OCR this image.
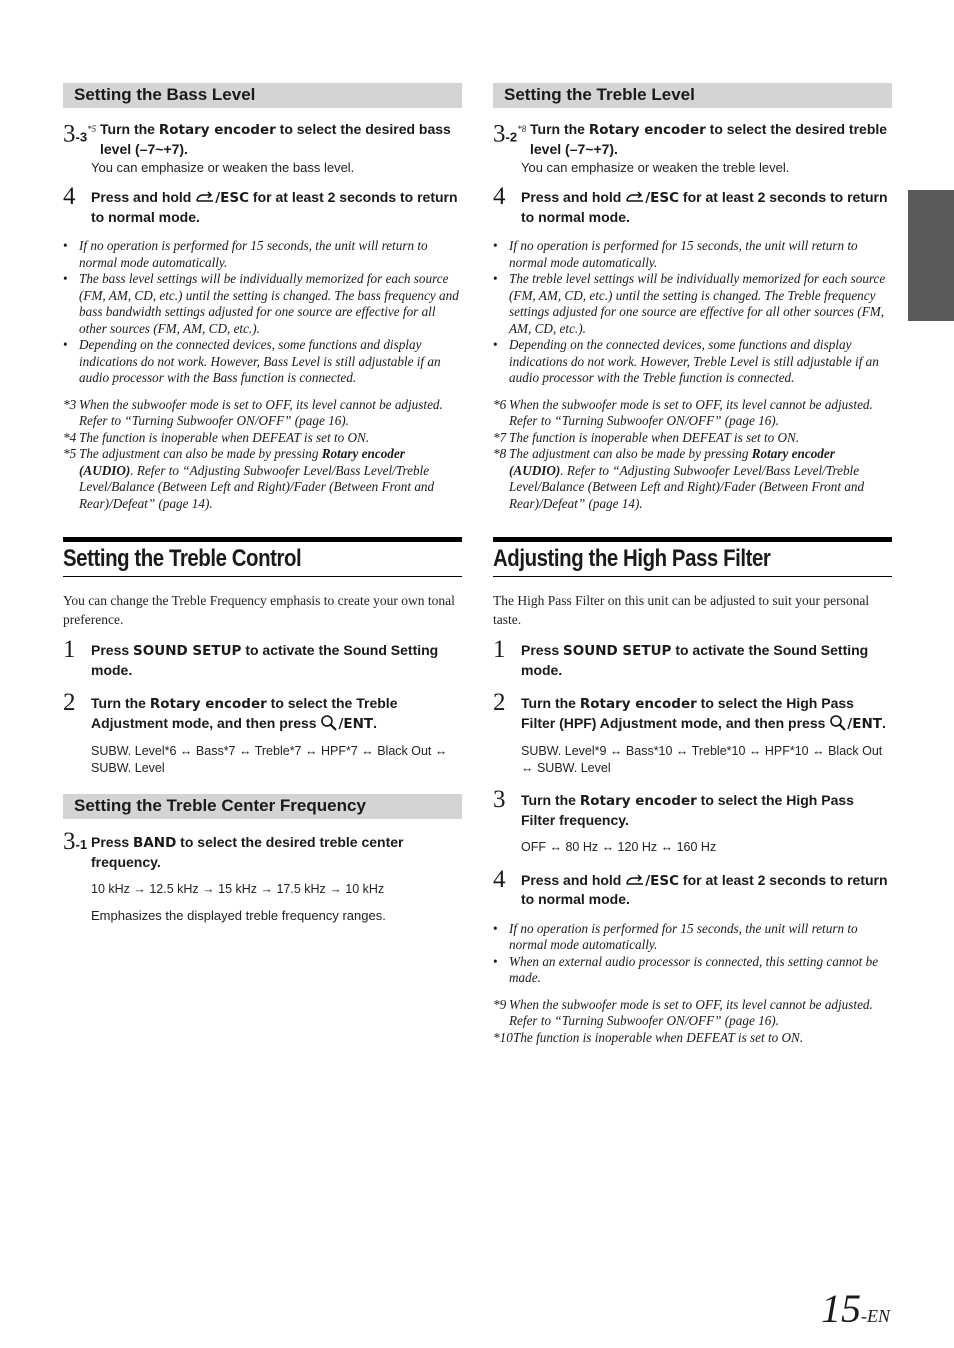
Setting the Bass Level
3-3$^{*5}$ Turn the Rotary encoder to select the desired bass level (–7~+7).
You can emphasize or weaken the bass level.
4 Press and hold /ESC for at least 2 seconds to return to normal mode.
• If no operation is performed for 15 seconds, the unit will return to normal mode automatically.
• The bass level settings will be individually memorized for each source (FM, AM, CD, etc.) until the setting is changed. The bass frequency and bass bandwidth settings adjusted for one source are effective for all other sources (FM, AM, CD, etc.).
• Depending on the connected devices, some functions and display indications do not work. However, Bass Level is still adjustable if an audio processor with the Bass function is connected.
*3 When the subwoofer mode is set to OFF, its level cannot be adjusted. Refer to “Turning Subwoofer ON/OFF” (page 16).
*4 The function is inoperable when DEFEAT is set to ON.
*5 The adjustment can also be made by pressing Rotary encoder (AUDIO). Refer to “Adjusting Subwoofer Level/Bass Level/Treble Level/Balance (Between Left and Right)/Fader (Between Front and Rear)/Defeat” (page 14).
Setting the Treble Control
You can change the Treble Frequency emphasis to create your own tonal preference.
1 Press SOUND SETUP to activate the Sound Setting mode.
2 Turn the Rotary encoder to select the Treble Adjustment mode, and then press /ENT.
SUBW. Level*6 ↔ Bass*7 ↔ Treble*7 ↔ HPF*7 ↔ Black Out ↔ SUBW. Level
Setting the Treble Center Frequency
3-1 Press BAND to select the desired treble center frequency.
10 kHz → 12.5 kHz → 15 kHz → 17.5 kHz → 10 kHz
Emphasizes the displayed treble frequency ranges.
Setting the Treble Level
3-2$^{*8}$ Turn the Rotary encoder to select the desired treble level (–7~+7).
You can emphasize or weaken the treble level.
4 Press and hold /ESC for at least 2 seconds to return to normal mode.
• If no operation is performed for 15 seconds, the unit will return to normal mode automatically.
• The treble level settings will be individually memorized for each source (FM, AM, CD, etc.) until the setting is changed. The Treble frequency settings adjusted for one source are effective for all other sources (FM, AM, CD, etc.).
• Depending on the connected devices, some functions and display indications do not work. However, Treble Level is still adjustable if an audio processor with the Treble function is connected.
*6 When the subwoofer mode is set to OFF, its level cannot be adjusted. Refer to “Turning Subwoofer ON/OFF” (page 16).
*7 The function is inoperable when DEFEAT is set to ON.
*8 The adjustment can also be made by pressing Rotary encoder (AUDIO). Refer to “Adjusting Subwoofer Level/Bass Level/Treble Level/Balance (Between Left and Right)/Fader (Between Front and Rear)/Defeat” (page 14).
Adjusting the High Pass Filter
The High Pass Filter on this unit can be adjusted to suit your personal taste.
1 Press SOUND SETUP to activate the Sound Setting mode.
2 Turn the Rotary encoder to select the High Pass Filter (HPF) Adjustment mode, and then press /ENT.
SUBW. Level*9 ↔ Bass*10 ↔ Treble*10 ↔ HPF*10 ↔ Black Out ↔ SUBW. Level
3 Turn the Rotary encoder to select the High Pass Filter frequency.
OFF ↔ 80 Hz ↔ 120 Hz ↔ 160 Hz
4 Press and hold /ESC for at least 2 seconds to return to normal mode.
• If no operation is performed for 15 seconds, the unit will return to normal mode automatically.
• When an external audio processor is connected, this setting cannot be made.
*9 When the subwoofer mode is set to OFF, its level cannot be adjusted. Refer to “Turning Subwoofer ON/OFF” (page 16).
*10 The function is inoperable when DEFEAT is set to ON.
15-EN
